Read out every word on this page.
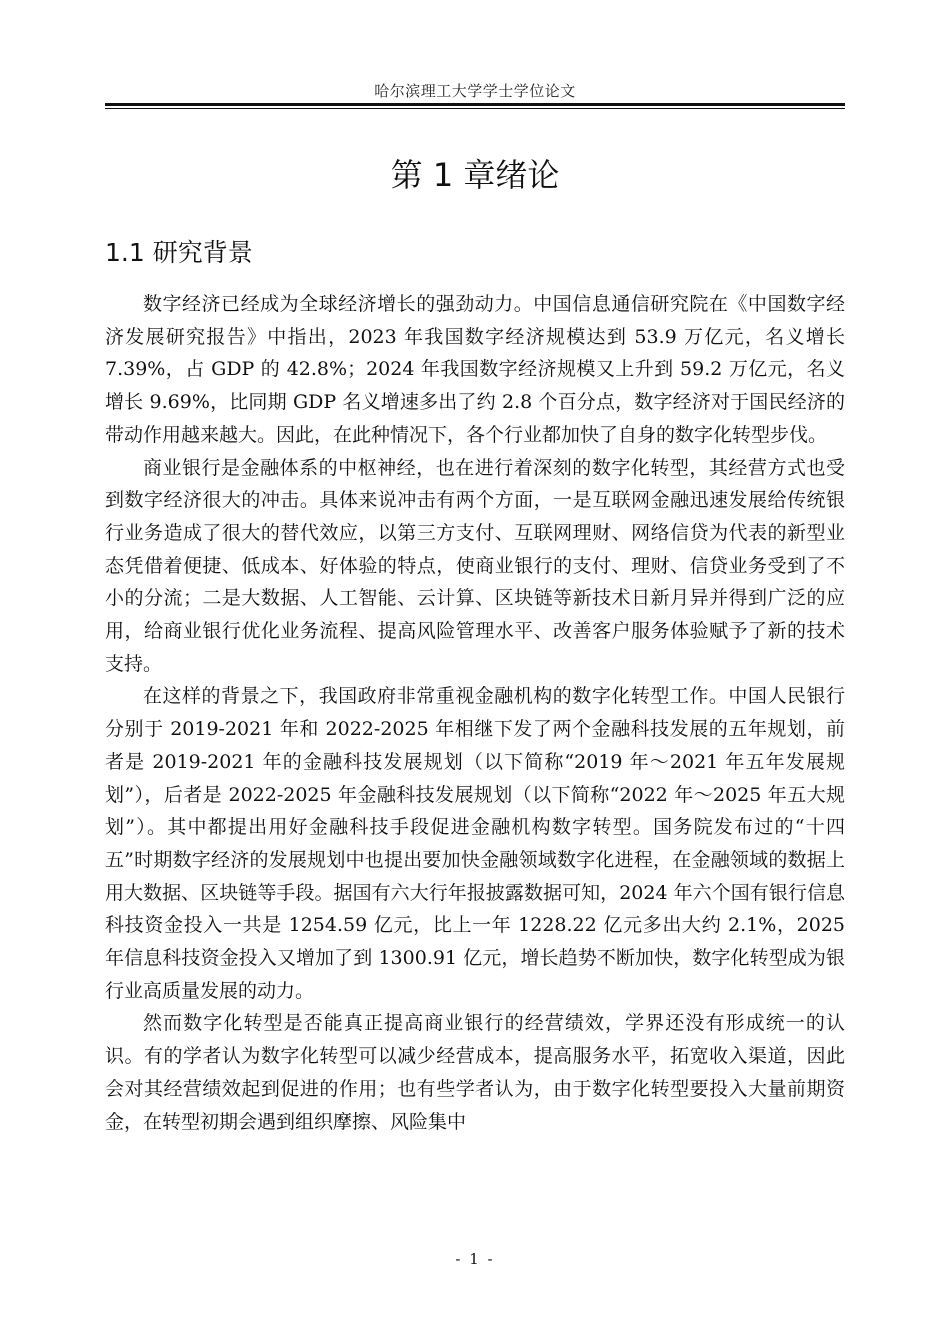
哈尔滨理工大学学士学位论文
第 1 章绪论
1.1 研究背景

数字经济已经成为全球经济增长的强劲动力。中国信息通信研究院在《中国数字经济发展研究报告》中指出，2023 年我国数字经济规模达到 53.9 万亿元，名义增长 7.39%，占 GDP 的 42.8%；2024 年我国数字经济规模又上升到 59.2 万亿元，名义增长 9.69%，比同期 GDP 名义增速多出了约 2.8 个百分点，数字经济对于国民经济的带动作用越来越大。因此，在此种情况下，各个行业都加快了自身的数字化转型步伐。

商业银行是金融体系的中枢神经，也在进行着深刻的数字化转型，其经营方式也受到数字经济很大的冲击。具体来说冲击有两个方面，一是互联网金融迅速发展给传统银行业务造成了很大的替代效应，以第三方支付、互联网理财、网络信贷为代表的新型业态凭借着便捷、低成本、好体验的特点，使商业银行的支付、理财、信贷业务受到了不小的分流；二是大数据、人工智能、云计算、区块链等新技术日新月异并得到广泛的应用，给商业银行优化业务流程、提高风险管理水平、改善客户服务体验赋予了新的技术支持。

在这样的背景之下，我国政府非常重视金融机构的数字化转型工作。中国人民银行分别于 2019-2021 年和 2022-2025 年相继下发了两个金融科技发展的五年规划，前者是 2019-2021 年的金融科技发展规划（以下简称“2019 年～2021 年五年发展规划”），后者是 2022-2025 年金融科技发展规划（以下简称“2022 年～2025 年五大规划”）。其中都提出用好金融科技手段促进金融机构数字转型。国务院发布过的“十四五”时期数字经济的发展规划中也提出要加快金融领域数字化进程，在金融领域的数据上用大数据、区块链等手段。据国有六大行年报披露数据可知，2024 年六个国有银行信息科技资金投入一共是 1254.59 亿元，比上一年 1228.22 亿元多出大约 2.1%，2025 年信息科技资金投入又增加了到 1300.91 亿元，增长趋势不断加快，数字化转型成为银行业高质量发展的动力。

然而数字化转型是否能真正提高商业银行的经营绩效，学界还没有形成统一的认识。有的学者认为数字化转型可以减少经营成本，提高服务水平，拓宽收入渠道，因此会对其经营绩效起到促进的作用；也有些学者认为，由于数字化转型要投入大量前期资金，在转型初期会遇到组织摩擦、风险集中

- 1 -
